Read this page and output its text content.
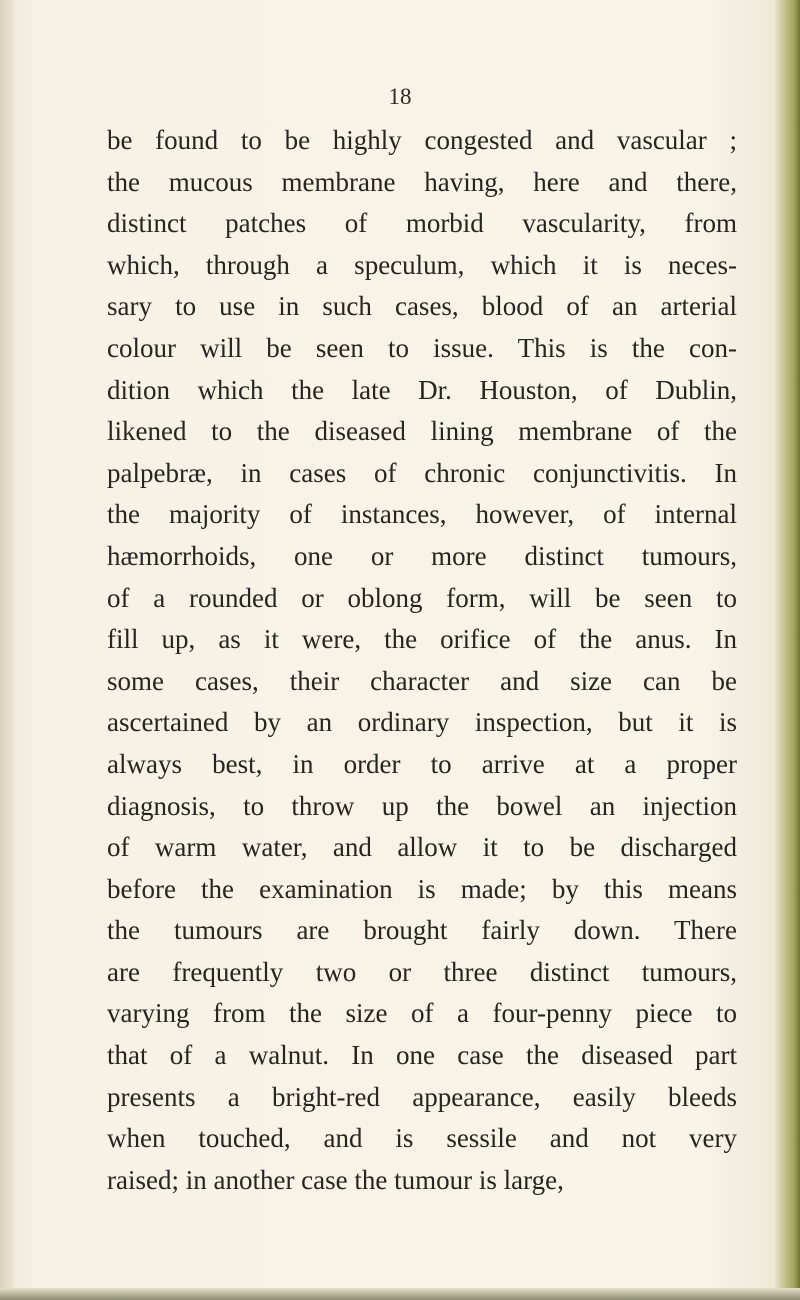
18
be found to be highly congested and vascular ;
the mucous membrane having, here and there,
distinct patches of morbid vascularity, from
which, through a speculum, which it is neces-
sary to use in such cases, blood of an arterial
colour will be seen to issue. This is the con-
dition which the late Dr. Houston, of Dublin,
likened to the diseased lining membrane of the
palpebræ, in cases of chronic conjunctivitis. In
the majority of instances, however, of internal
hæmorrhoids, one or more distinct tumours,
of a rounded or oblong form, will be seen to
fill up, as it were, the orifice of the anus. In
some cases, their character and size can be
ascertained by an ordinary inspection, but it is
always best, in order to arrive at a proper
diagnosis, to throw up the bowel an injection
of warm water, and allow it to be discharged
before the examination is made; by this means
the tumours are brought fairly down. There
are frequently two or three distinct tumours,
varying from the size of a four-penny piece to
that of a walnut. In one case the diseased part
presents a bright-red appearance, easily bleeds
when touched, and is sessile and not very
raised; in another case the tumour is large,
